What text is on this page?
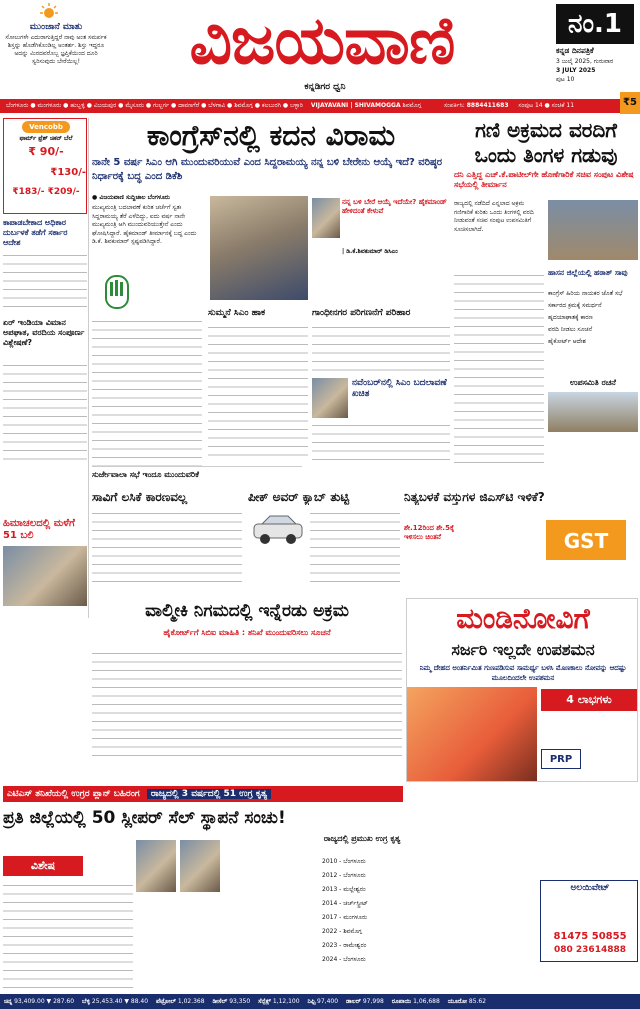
ಮುಂಜಾನೆ ಮಾತು
ಸೋಲುಗಳೇ ಎದುರಾಗುತ್ತಿದ್ದರೆ ನಾವು ಅಂತ ಸಮರ್ಪಕ ಶಿಸ್ತನ್ನು ಹೊಡೆಗಿಕೊಂಡಿಲ್ಲ ಅಂತರ್ಶ. ಶಿಸ್ತು ಇದ್ದರೂ ಅದನ್ನು ಮಿರದವರೊಬ್ಬ ಜ್ಞಪ್ತಿಕೆಯಿಂದ ದೂರಿ ಸ್ವರಿಸುವುದು ಬೇರೆಯಿಲ್ಲ!	ವಿಜಯವಾಣಿ
ಕನ್ನಡಿಗರ ಧ್ವನಿ
ನಂ.1
ಕನ್ನಡ ದಿನಪತ್ರಿಕೆ
3 ಜುಲೈ 2025, ಗುರುವಾರ
3 JULY 2025
ಪುಟ 10
ಬೆಂಗಳೂರು ● ಮಂಗಳೂರು ● ಹುಬ್ಬಳ್ಳಿ ● ವಿಜಯಪುರ ● ಮೈಸೂರು ● ಗುಲ್ಬರ್ಗ ● ದಾವಣಗೆರೆ ● ಬೆಳಗಾವಿ ● ಶಿವಮೊಗ್ಗ ● ಕಲಬುರಗಿ ● ಬಳ್ಳಾರಿ VIJAYAVANI | SHIVAMOGGA ಶಿವಮೊಗ್ಗ	ಸಂಪರ್ಕಿಸಿ: 8884411683 ಸಂಪುಟ 14 ● ಸಂಚಿಕೆ 11	₹5
Vencobb
ಫಾರ್ಮ್ ಫ್ರೆಶ್ ಚಿಕನ್ ಬೆಲೆ
₹ 90/-
₹130/-
₹183/- ₹209/-
ಕಾಪಾಡಬೇಕಾದ ಅಧಿಕಾರ ದುರ್ಬಳಕೆ ತಡೆಗೆ ಸರ್ಕಾರ ಆದೇಶ
ಏರ್ ಇಂಡಿಯಾ ವಿಮಾನ ಅಪಘಾತ, ವರದಿಯ ಸಂಪೂರ್ಣ ವಿಶ್ಲೇಷಣೆ?
ಹಿಮಾಚಲದಲ್ಲಿ ಮಳೆಗೆ 51 ಬಲಿ
ಕಾಂಗ್ರೆಸ್‌ನಲ್ಲಿ ಕದನ ವಿರಾಮ
ನಾನೇ 5 ವರ್ಷ ಸಿಎಂ ಆಗಿ ಮುಂದುವರಿಯುವೆ ಎಂದ ಸಿದ್ದರಾಮಯ್ಯ ನನ್ನ ಬಳಿ ಬೇರೇನು ಆಯ್ಕೆ ಇದೆ? ವರಿಷ್ಠರ ನಿರ್ಧಾರಕ್ಕೆ ಬದ್ಧ ಎಂದ ಡಿಕೆಶಿ
● ವಿಜಯವಾಣಿ ಸುದ್ದಿಜಾಲ ಬೆಂಗಳೂರು
ಮುಖ್ಯಮಂತ್ರಿ ಬದಲಾವಣೆ ಕುರಿತ ಚರ್ಚೆಗೆ ಸ್ವತಃ ಸಿದ್ದರಾಮಯ್ಯ ತೆರೆ ಎಳೆದಿದ್ದು, ಐದು ವರ್ಷ ನಾನೇ ಮುಖ್ಯಮಂತ್ರಿ ಆಗಿ ಮುಂದುವರಿಯುತ್ತೇನೆ ಎಂದು ಘೋಷಿಸಿದ್ದಾರೆ. ಹೈಕಮಾಂಡ್ ತೀರ್ಮಾನಕ್ಕೆ ಬದ್ಧ ಎಂದು ಡಿ.ಕೆ. ಶಿವಕುಮಾರ್ ಸ್ಪಷ್ಟಪಡಿಸಿದ್ದಾರೆ.
ನನ್ನ ಬಳಿ ಬೇರೆ ಆಯ್ಕೆ ಇದೆಯೇ? ಹೈಕಮಾಂಡ್ ಹೇಳಿದಂತೆ ಕೇಳುವೆ
| ಡಿ.ಕೆ.ಶಿವಕುಮಾರ್ ಡಿಸಿಎಂ
ಸುಮ್ಮನೆ ಸಿಎಂ ಹಾಕ	ಗಾಂಧೀನಗರ ಪರಿಗಣನೆಗೆ ಪರಿಹಾರ
ನವೆಂಬರ್‌ನಲ್ಲಿ ಸಿಎಂ ಬದಲಾವಣೆ ಖಚಿತ
ಸುರ್ಜೇವಾಲಾ ಸಭೆ ಇಂದೂ ಮುಂದುವರಿಕೆ
ಗಣಿ ಅಕ್ರಮದ ವರದಿಗೆ ಒಂದು ತಿಂಗಳ ಗಡುವು
ದನಿ ಎತ್ತಿದ್ದ ಎಚ್.ಕೆ.ಪಾಟೀಲ್‌ಗೇ ಹೊಣೆಗಾರಿಕೆ ಸಚಿವ ಸಂಪುಟ ವಿಶೇಷ ಸಭೆಯಲ್ಲಿ ತೀರ್ಮಾನ
ರಾಜ್ಯದಲ್ಲಿ ನಡೆದಿದೆ ಎನ್ನಲಾದ ಅಕ್ರಮ ಗಣಿಗಾರಿಕೆ ಕುರಿತು ಒಂದು ತಿಂಗಳಲ್ಲಿ ವರದಿ ನೀಡುವಂತೆ ಸಚಿವ ಸಂಪುಟ ಉಪಸಮಿತಿಗೆ ಸೂಚಿಸಲಾಗಿದೆ.
ಹಾಸನ ಜಿಲ್ಲೆಯಲ್ಲಿ ಹಠಾತ್ ಸಾವು
ಕಾಂಗ್ರೆಸ್‌ ಹಿರಿಯ ನಾಯಕರ ಜೊತೆ ಸಭೆ
ಸರ್ಕಾರದ ಕ್ರಮಕ್ಕೆ ಸಮರ್ಥನೆ
ಹೃದಯಾಘಾತಕ್ಕೆ ಕಾರಣ
ವರದಿ ನೀಡಲು ಸೂಚನೆ
ಹೈಕೋರ್ಟ್ ಆದೇಶ
ಉಪಸಮಿತಿ ರಚನೆ
ಸಾವಿಗೆ ಲಸಿಕೆ ಕಾರಣವಲ್ಲ	ಪೀಕ್ ಅವರ್ ಕ್ಯಾಬ್ ತುಟ್ಟಿ	ನಿತ್ಯಬಳಕೆ ವಸ್ತುಗಳ ಜಿಎಸ್‌ಟಿ ಇಳಿಕೆ?
ಶೇ.12ರಿಂದ ಶೇ.5ಕ್ಕೆ ಇಳಿಸಲು ಚಿಂತನೆ	GST
ವಾಲ್ಮೀಕಿ ನಿಗಮದಲ್ಲಿ ಇನ್ನೆರಡು ಅಕ್ರಮ
ಹೈಕೋರ್ಟ್‌ಗೆ ಸಿಬಿಐ ಮಾಹಿತಿ : ತನಿಖೆ ಮುಂದುವರಿಸಲು ಸೂಚನೆ	ಮಂಡಿನೋವಿಗೆ
ಸರ್ಜರಿ ಇಲ್ಲದೇ ಉಪಶಮನ
ನಿಮ್ಮ ದೇಹದ ಅಂತರ್ನಿಮಿತ ಗುಣಪಡಿಸುವ ಸಾಮರ್ಥ್ಯ ಬಳಸಿ ಮೊಣಕಾಲು ನೋವನ್ನು ಆದಷ್ಟು ಮೂಲದಿಂದಲೇ ಉಪಶಮನ
4 ಲಾಭಗಳು
PRP
ಅಲಯಿವೇಟ್
81475 50855
080 23614888
ಎಟಿಎಸ್‌ ತನಿಖೆಯಲ್ಲಿ ಉಗ್ರರ ಪ್ಲಾನ್ ಬಹಿರಂಗ ರಾಜ್ಯದಲ್ಲಿ 3 ವರ್ಷದಲ್ಲಿ 51 ಉಗ್ರ ಕೃತ್ಯ
ಪ್ರತಿ ಜಿಲ್ಲೆಯಲ್ಲಿ 50 ಸ್ಲೀಪರ್ ಸೆಲ್ ಸ್ಥಾಪನೆ ಸಂಚು!
ವಿಶೇಷ
ರಾಜ್ಯದಲ್ಲಿ ಪ್ರಮುಖ ಉಗ್ರ ಕೃತ್ಯ
2010 - ಬೆಂಗಳೂರು
2012 - ಬೆಂಗಳೂರು
2013 - ಮಲ್ಲೇಶ್ವರಂ
2014 - ಚರ್ಚ್‌ಸ್ಟ್ರೀಟ್
2017 - ಮಂಗಳೂರು
2022 - ಶಿವಮೊಗ್ಗ
2023 - ರಾಮೇಶ್ವರಂ
2024 - ಬೆಂಗಳೂರು
ಚಿನ್ನ 93,409.00 ▼ 287.60 ಬೆಳ್ಳಿ 25,453.40 ▼ 88.40 ಪೆಟ್ರೋಲ್ 1,02.368 ಡೀಸೆಲ್ 93,350 ಸೆನ್ಸೆಕ್ಸ್ 1,12,100 ನಿಫ್ಟಿ 97,400 ಡಾಲರ್ 97,998 ರೂಪಾಯಿ 1,06,688 ಯೂರೋ 85.62
